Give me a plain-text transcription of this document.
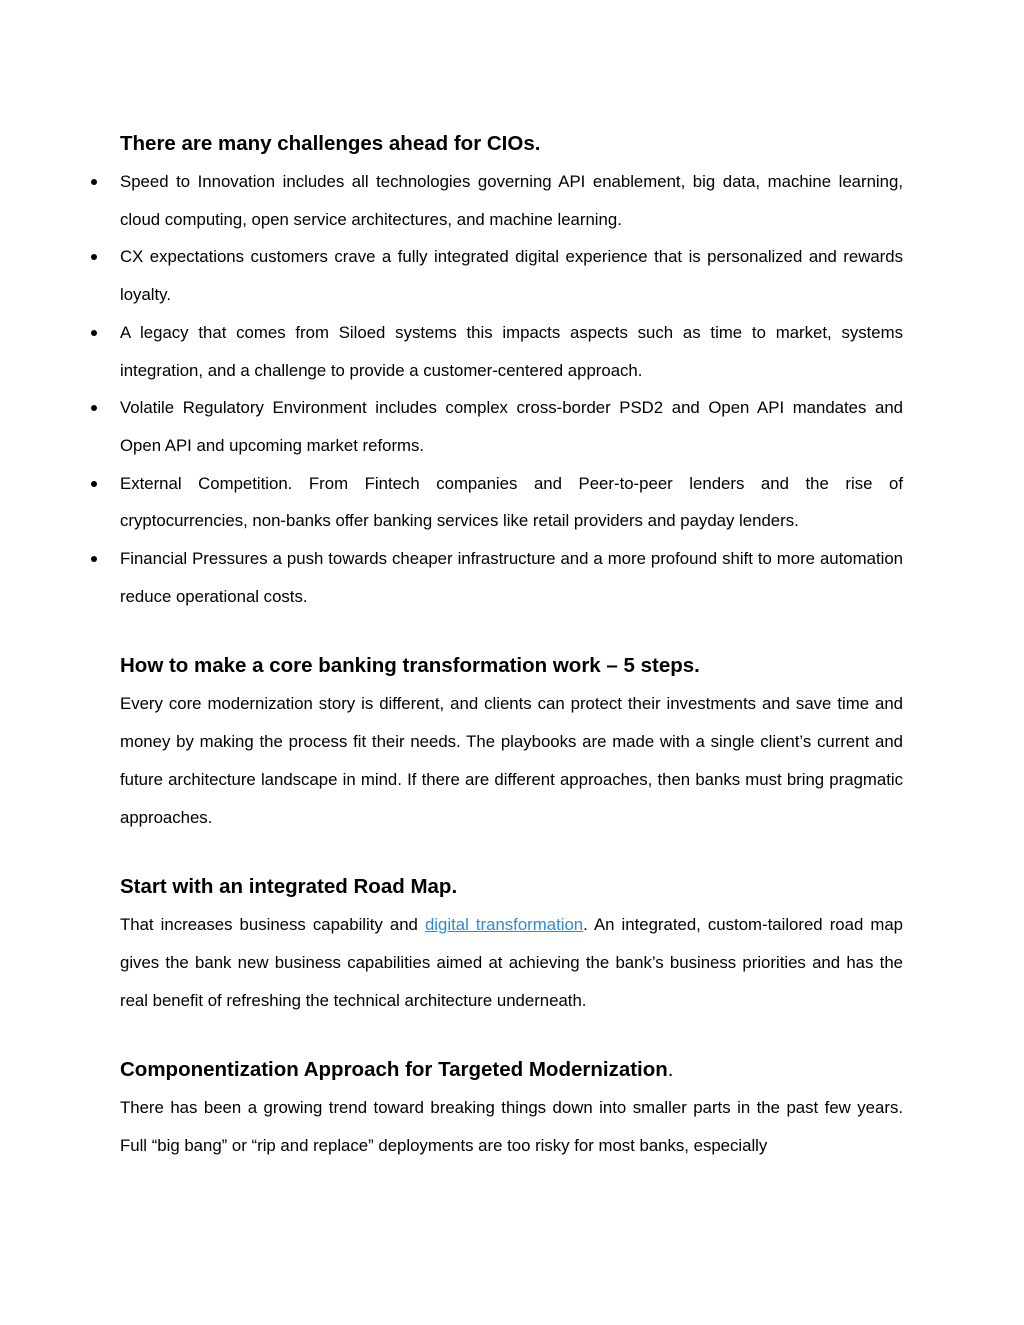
There are many challenges ahead for CIOs.
Speed to Innovation includes all technologies governing API enablement, big data, machine learning, cloud computing, open service architectures, and machine learning.
CX expectations customers crave a fully integrated digital experience that is personalized and rewards loyalty.
A legacy that comes from Siloed systems this impacts aspects such as time to market, systems integration, and a challenge to provide a customer-centered approach.
Volatile Regulatory Environment includes complex cross-border PSD2 and Open API mandates and Open API and upcoming market reforms.
External Competition. From Fintech companies and Peer-to-peer lenders and the rise of cryptocurrencies, non-banks offer banking services like retail providers and payday lenders.
Financial Pressures a push towards cheaper infrastructure and a more profound shift to more automation reduce operational costs.
How to make a core banking transformation work – 5 steps.

Every core modernization story is different, and clients can protect their investments and save time and money by making the process fit their needs. The playbooks are made with a single client’s current and future architecture landscape in mind. If there are different approaches, then banks must bring pragmatic approaches.

Start with an integrated Road Map.

That increases business capability and digital transformation. An integrated, custom-tailored road map gives the bank new business capabilities aimed at achieving the bank’s business priorities and has the real benefit of refreshing the technical architecture underneath.

Componentization Approach for Targeted Modernization.

There has been a growing trend toward breaking things down into smaller parts in the past few years. Full “big bang” or “rip and replace” deployments are too risky for most banks, especially
